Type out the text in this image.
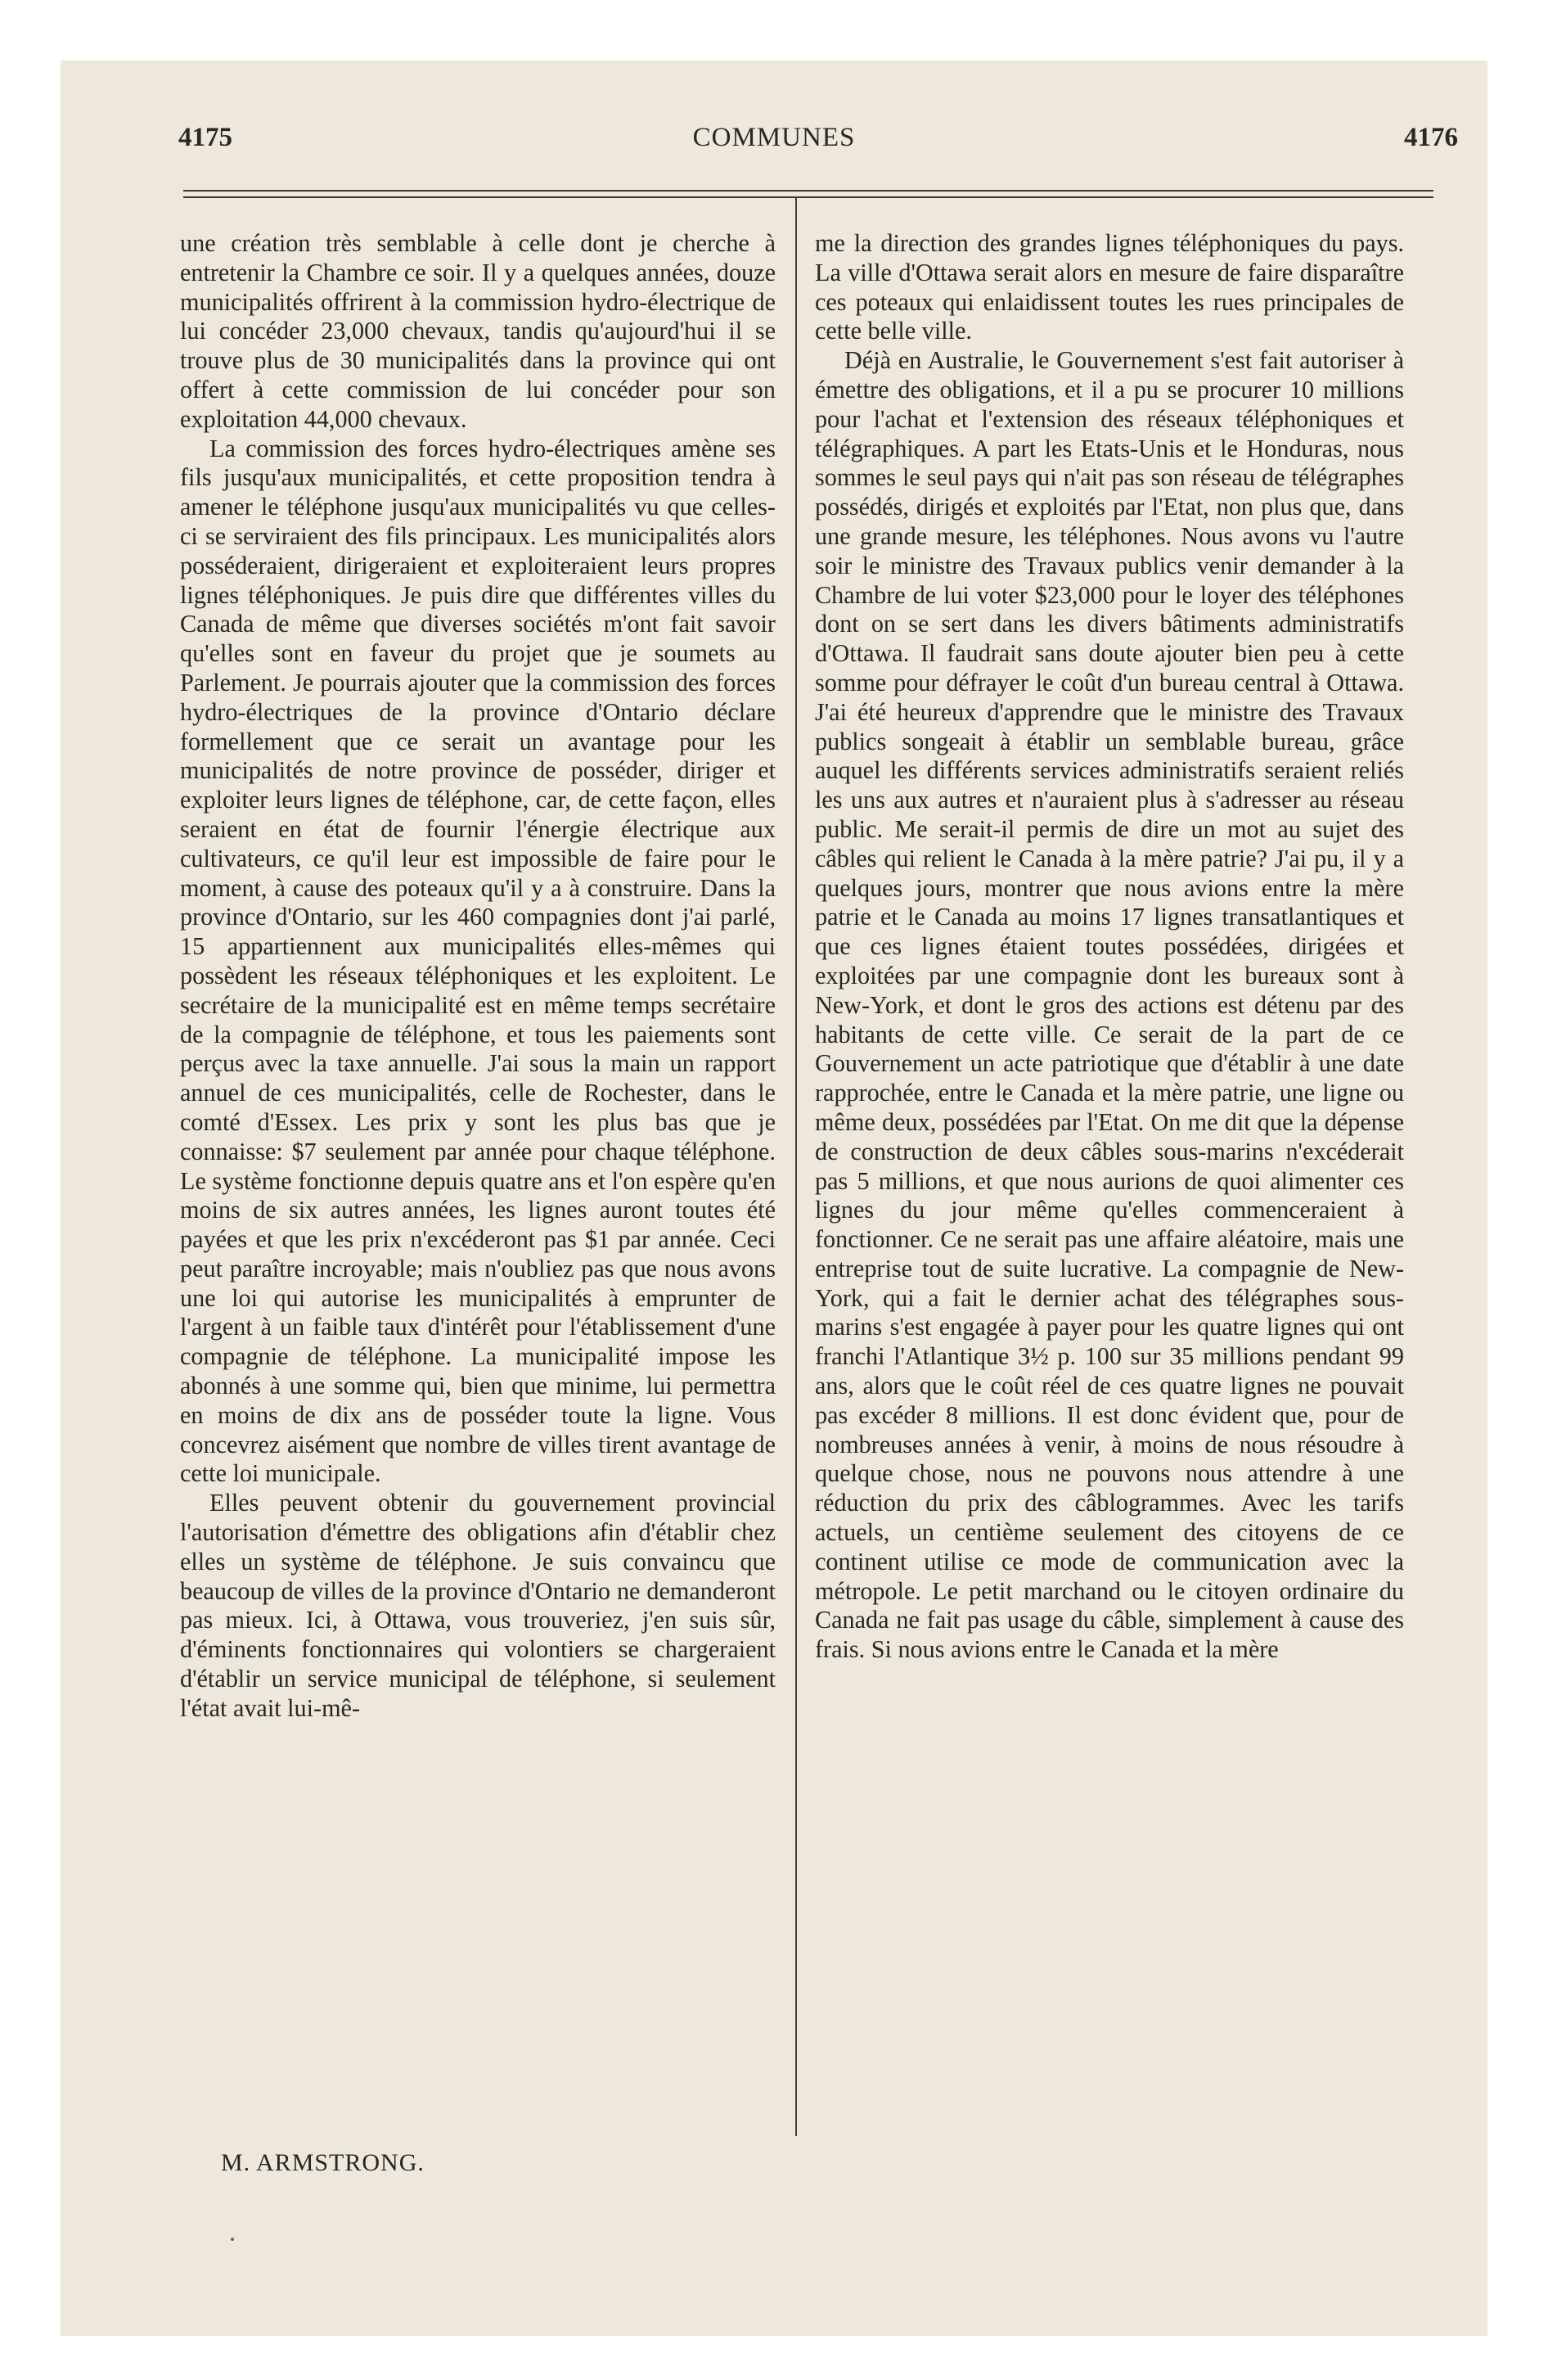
4175	COMMUNES	4176

une création très semblable à celle dont je cherche à entretenir la Chambre ce soir. Il y a quelques années, douze municipalités offrirent à la commission hydro-électrique de lui concéder 23,000 chevaux, tandis qu'aujourd'hui il se trouve plus de 30 municipalités dans la province qui ont offert à cette commission de lui concéder pour son exploitation 44,000 chevaux.

La commission des forces hydro-électriques amène ses fils jusqu'aux municipalités, et cette proposition tendra à amener le téléphone jusqu'aux municipalités vu que celles-ci se serviraient des fils principaux. Les municipalités alors posséderaient, dirigeraient et exploiteraient leurs propres lignes téléphoniques. Je puis dire que différentes villes du Canada de même que diverses sociétés m'ont fait savoir qu'elles sont en faveur du projet que je soumets au Parlement. Je pourrais ajouter que la commission des forces hydro-électriques de la province d'Ontario déclare formellement que ce serait un avantage pour les municipalités de notre province de posséder, diriger et exploiter leurs lignes de téléphone, car, de cette façon, elles seraient en état de fournir l'énergie électrique aux cultivateurs, ce qu'il leur est impossible de faire pour le moment, à cause des poteaux qu'il y a à construire. Dans la province d'Ontario, sur les 460 compagnies dont j'ai parlé, 15 appartiennent aux municipalités elles-mêmes qui possèdent les réseaux téléphoniques et les exploitent. Le secrétaire de la municipalité est en même temps secrétaire de la compagnie de téléphone, et tous les paiements sont perçus avec la taxe annuelle. J'ai sous la main un rapport annuel de ces municipalités, celle de Rochester, dans le comté d'Essex. Les prix y sont les plus bas que je connaisse: $7 seulement par année pour chaque téléphone. Le système fonctionne depuis quatre ans et l'on espère qu'en moins de six autres années, les lignes auront toutes été payées et que les prix n'excéderont pas $1 par année. Ceci peut paraître incroyable; mais n'oubliez pas que nous avons une loi qui autorise les municipalités à emprunter de l'argent à un faible taux d'intérêt pour l'établissement d'une compagnie de téléphone. La municipalité impose les abonnés à une somme qui, bien que minime, lui permettra en moins de dix ans de posséder toute la ligne. Vous concevrez aisément que nombre de villes tirent avantage de cette loi municipale.

Elles peuvent obtenir du gouvernement provincial l'autorisation d'émettre des obligations afin d'établir chez elles un système de téléphone. Je suis convaincu que beaucoup de villes de la province d'Ontario ne demanderont pas mieux. Ici, à Ottawa, vous trouveriez, j'en suis sûr, d'éminents fonctionnaires qui volontiers se chargeraient d'établir un service municipal de téléphone, si seulement l'état avait lui-mê-

me la direction des grandes lignes téléphoniques du pays. La ville d'Ottawa serait alors en mesure de faire disparaître ces poteaux qui enlaidissent toutes les rues principales de cette belle ville.

Déjà en Australie, le Gouvernement s'est fait autoriser à émettre des obligations, et il a pu se procurer 10 millions pour l'achat et l'extension des réseaux téléphoniques et télégraphiques. A part les Etats-Unis et le Honduras, nous sommes le seul pays qui n'ait pas son réseau de télégraphes possédés, dirigés et exploités par l'Etat, non plus que, dans une grande mesure, les téléphones. Nous avons vu l'autre soir le ministre des Travaux publics venir demander à la Chambre de lui voter $23,000 pour le loyer des téléphones dont on se sert dans les divers bâtiments administratifs d'Ottawa. Il faudrait sans doute ajouter bien peu à cette somme pour défrayer le coût d'un bureau central à Ottawa. J'ai été heureux d'apprendre que le ministre des Travaux publics songeait à établir un semblable bureau, grâce auquel les différents services administratifs seraient reliés les uns aux autres et n'auraient plus à s'adresser au réseau public. Me serait-il permis de dire un mot au sujet des câbles qui relient le Canada à la mère patrie? J'ai pu, il y a quelques jours, montrer que nous avions entre la mère patrie et le Canada au moins 17 lignes transatlantiques et que ces lignes étaient toutes possédées, dirigées et exploitées par une compagnie dont les bureaux sont à New-York, et dont le gros des actions est détenu par des habitants de cette ville. Ce serait de la part de ce Gouvernement un acte patriotique que d'établir à une date rapprochée, entre le Canada et la mère patrie, une ligne ou même deux, possédées par l'Etat. On me dit que la dépense de construction de deux câbles sous-marins n'excéderait pas 5 millions, et que nous aurions de quoi alimenter ces lignes du jour même qu'elles commenceraient à fonctionner. Ce ne serait pas une affaire aléatoire, mais une entreprise tout de suite lucrative. La compagnie de New-York, qui a fait le dernier achat des télégraphes sous-marins s'est engagée à payer pour les quatre lignes qui ont franchi l'Atlantique 3½ p. 100 sur 35 millions pendant 99 ans, alors que le coût réel de ces quatre lignes ne pouvait pas excéder 8 millions. Il est donc évident que, pour de nombreuses années à venir, à moins de nous résoudre à quelque chose, nous ne pouvons nous attendre à une réduction du prix des câblogrammes. Avec les tarifs actuels, un centième seulement des citoyens de ce continent utilise ce mode de communication avec la métropole. Le petit marchand ou le citoyen ordinaire du Canada ne fait pas usage du câble, simplement à cause des frais. Si nous avions entre le Canada et la mère

M. ARMSTRONG.
